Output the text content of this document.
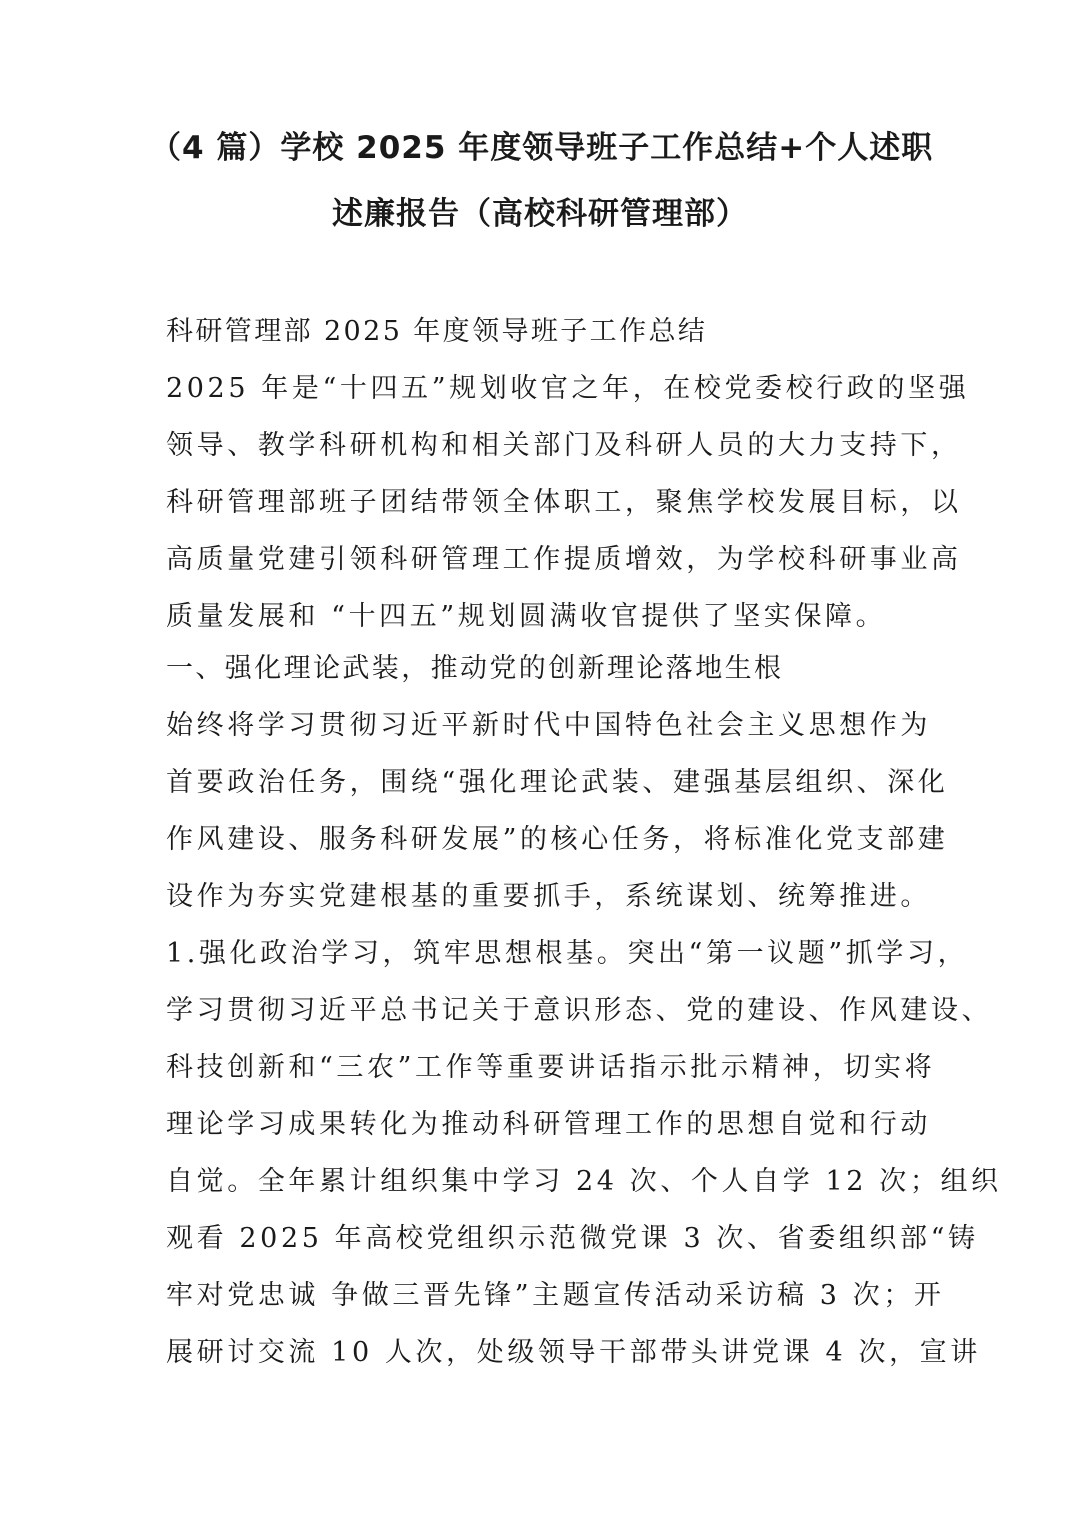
（4 篇）学校 2025 年度领导班子工作总结+个人述职
述廉报告（高校科研管理部）
科研管理部 2025 年度领导班子工作总结
2025 年是“十四五”规划收官之年，在校党委校行政的坚强
领导、教学科研机构和相关部门及科研人员的大力支持下，
科研管理部班子团结带领全体职工，聚焦学校发展目标，以
高质量党建引领科研管理工作提质增效，为学校科研事业高
质量发展和 “十四五”规划圆满收官提供了坚实保障。
一、强化理论武装，推动党的创新理论落地生根
始终将学习贯彻习近平新时代中国特色社会主义思想作为
首要政治任务，围绕“强化理论武装、建强基层组织、深化
作风建设、服务科研发展”的核心任务，将标准化党支部建
设作为夯实党建根基的重要抓手，系统谋划、统筹推进。
1.强化政治学习，筑牢思想根基。突出“第一议题”抓学习，
学习贯彻习近平总书记关于意识形态、党的建设、作风建设、
科技创新和“三农”工作等重要讲话指示批示精神，切实将
理论学习成果转化为推动科研管理工作的思想自觉和行动
自觉。全年累计组织集中学习 24 次、个人自学 12 次；组织
观看 2025 年高校党组织示范微党课 3 次、省委组织部“铸
牢对党忠诚 争做三晋先锋”主题宣传活动采访稿 3 次；开
展研讨交流 10 人次，处级领导干部带头讲党课 4 次，宣讲
